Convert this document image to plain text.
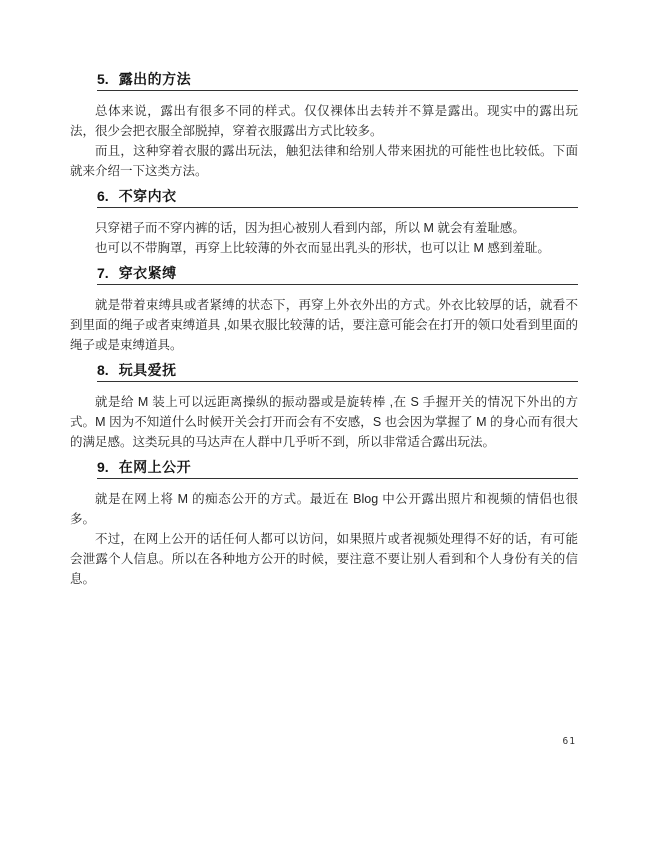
5. 露出的方法

总体来说，露出有很多不同的样式。仅仅裸体出去转并不算是露出。现实中的露出玩法，很少会把衣服全部脱掉，穿着衣服露出方式比较多。

而且，这种穿着衣服的露出玩法，触犯法律和给别人带来困扰的可能性也比较低。下面就来介绍一下这类方法。

6. 不穿内衣

只穿裙子而不穿内裤的话，因为担心被别人看到内部，所以 M 就会有羞耻感。

也可以不带胸罩，再穿上比较薄的外衣而显出乳头的形状，也可以让 M 感到羞耻。

7. 穿衣紧缚

就是带着束缚具或者紧缚的状态下，再穿上外衣外出的方式。外衣比较厚的话，就看不到里面的绳子或者束缚道具 ,如果衣服比较薄的话，要注意可能会在打开的领口处看到里面的绳子或是束缚道具。

8. 玩具爱抚

就是给 M 装上可以远距离操纵的振动器或是旋转棒 ,在 S 手握开关的情况下外出的方式。M 因为不知道什么时候开关会打开而会有不安感，S 也会因为掌握了 M 的身心而有很大的满足感。这类玩具的马达声在人群中几乎听不到，所以非常适合露出玩法。

9. 在网上公开

就是在网上将 M 的痴态公开的方式。最近在 Blog 中公开露出照片和视频的情侣也很多。

不过，在网上公开的话任何人都可以访问，如果照片或者视频处理得不好的话，有可能会泄露个人信息。所以在各种地方公开的时候，要注意不要让别人看到和个人身份有关的信息。

61
